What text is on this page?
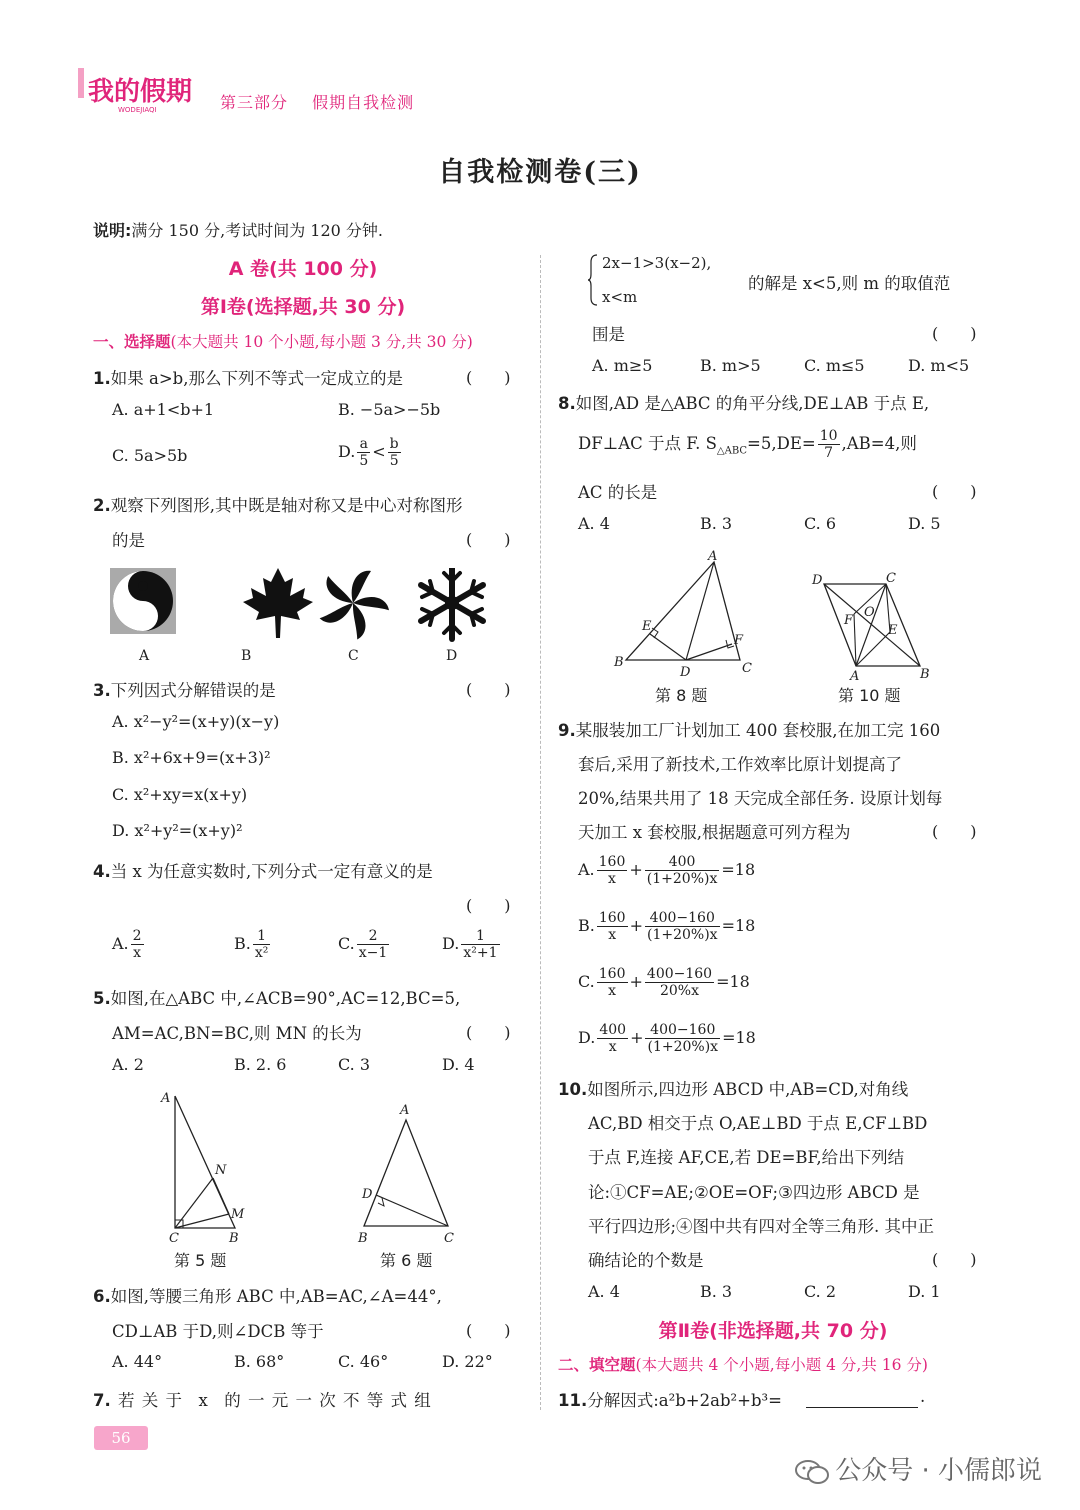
我的假期
WODEJIAQI	第三部分 假期自我检测
自我检测卷(三)
说明:满分 150 分,考试时间为 120 分钟.
A 卷(共 100 分)
第Ⅰ卷(选择题,共 30 分)
一、选择题(本大题共 10 个小题,每小题 3 分,共 30 分)
1.如果 a>b,那么下列不等式一定成立的是	(　　)
A. a+1<b+1	B. −5a>−5b
C. 5a>5b	D. $\frac{a}{5} < \frac{b}{5}$
2.观察下列图形,其中既是轴对称又是中心对称图形
的是	(　　)
A	B	C	D
3.下列因式分解错误的是	(　　)
A. x²−y²=(x+y)(x−y)
B. x²+6x+9=(x+3)²
C. x²+xy=x(x+y)
D. x²+y²=(x+y)²
4.当 x 为任意实数时,下列分式一定有意义的是
(　　)
A. $\frac{2}{x}$	B. $\frac{1}{\text{x²}}$	C. $\frac{2}{x-1}$	D. $\frac{1}{\text{x²+1}}$
5.如图,在△ABC 中,∠ACB=90°,AC=12,BC=5,
AM=AC,BN=BC,则 MN 的长为	(　　)
A. 2	B. 2. 6	C. 3	D. 4
A
N
M
C	B
第 5 题
A
D
B	C
第 6 题
6.如图,等腰三角形 ABC 中,AB=AC,∠A=44°,
CD⊥AB 于D,则∠DCB 等于	(　　)
A. 44°	B. 68°	C. 46°	D. 22°
7. 若 关 于　x　的 一 元 一 次 不 等 式 组
2x−1>3(x−2),
x<m
的解是 x<5,则 m 的取值范
围是	(　　)
A. m≥5	B. m>5	C. m≤5	D. m<5
8.如图,AD 是△ABC 的角平分线,DE⊥AB 于点 E,
DF⊥AC 于点 F. $S_{\triangle ABC}=5,DE= \frac{10}{7} ,AB=4$,则
AC 的长是	(　　)
A. 4	B. 3	C. 6	D. 5
A
E
F
B
D	C
第 8 题
D	C
F
O
E
A	B
第 10 题
9.某服装加工厂计划加工 400 套校服,在加工完 160
套后,采用了新技术,工作效率比原计划提高了
20%,结果共用了 18 天完成全部任务. 设原计划每
天加工 x 套校服,根据题意可列方程为	(　　)
A. $\frac{160}{x} + \frac{400}{(1+20\%)x} =18$
B. $\frac{160}{x} + \frac{400-160}{(1+20\%)x} =18$
C. $\frac{160}{x} + \frac{400-160}{20\%x} =18$
D. $\frac{400}{x} + \frac{400-160}{(1+20\%)x} =18$
10.如图所示,四边形 ABCD 中,AB=CD,对角线
AC,BD 相交于点 O,AE⊥BD 于点 E,CF⊥BD
于点 F,连接 AF,CE,若 DE=BF,给出下列结
论:①CF=AE;②OE=OF;③四边形 ABCD 是
平行四边形;④图中共有四对全等三角形. 其中正
确结论的个数是	(　　)
A. 4	B. 3	C. 2	D. 1
第Ⅱ卷(非选择题,共 70 分)
二、填空题(本大题共 4 个小题,每小题 4 分,共 16 分)
11.分解因式:a²b+2ab²+b³=	.
56
公众号 · 小儒郎说
